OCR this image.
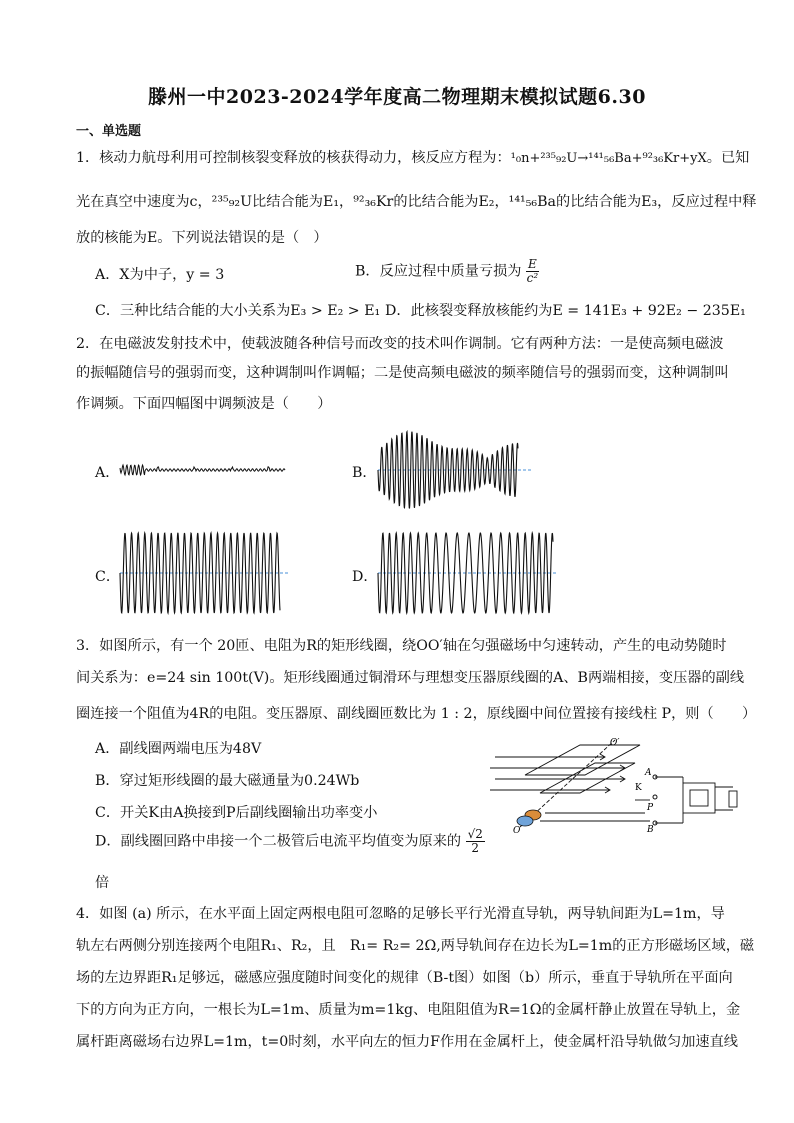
滕州一中2023-2024学年度高二物理期末模拟试题6.30
一、单选题
1．核动力航母利用可控制核裂变释放的核获得动力，核反应方程为：¹₀n+²³⁵₉₂U→¹⁴¹₅₆Ba+⁹²₃₆Kr+yX。已知
光在真空中速度为c，²³⁵₉₂U比结合能为E₁，⁹²₃₆Kr的比结合能为E₂，¹⁴¹₅₆Ba的比结合能为E₃，反应过程中释
放的核能为E。下列说法错误的是（　）
A．X为中子，y = 3	B．反应过程中质量亏损为 $\frac{E}{\text{c²}}$
C．三种比结合能的大小关系为E₃ > E₂ > E₁ D．此核裂变释放核能约为E = 141E₃ + 92E₂ − 235E₁
2．在电磁波发射技术中，使载波随各种信号而改变的技术叫作调制。它有两种方法：一是使高频电磁波
的振幅随信号的强弱而变，这种调制叫作调幅；二是使高频电磁波的频率随信号的强弱而变，这种调制叫
作调频。下面四幅图中调频波是（　　）
A．	B．
C．	D．
3．如图所示，有一个 20匝、电阻为R的矩形线圈，绕OO′轴在匀强磁场中匀速转动，产生的电动势随时
间关系为：e=24 sin 100t(V)。矩形线圈通过铜滑环与理想变压器原线圈的A、B两端相接，变压器的副线
圈连接一个阻值为4R的电阻。变压器原、副线圈匝数比为 1 : 2，原线圈中间位置接有接线柱 P，则（　　）
A．副线圈两端电压为48V
B．穿过矩形线圈的最大磁通量为0.24Wb
C．开关K由A换接到P后副线圈输出功率变小
D．副线圈回路中串接一个二极管后电流平均值变为原来的 $\frac{√2}{2}$
倍
O′
A
K
P
B
O
4．如图 (a) 所示，在水平面上固定两根电阻可忽略的足够长平行光滑直导轨，两导轨间距为L=1m，导
轨左右两侧分别连接两个电阻R₁、R₂，且　R₁= R₂= 2Ω,两导轨间存在边长为L=1m的正方形磁场区域，磁
场的左边界距R₁足够远，磁感应强度随时间变化的规律（B-t图）如图（b）所示，垂直于导轨所在平面向
下的方向为正方向，一根长为L=1m、质量为m=1kg、电阻阻值为R=1Ω的金属杆静止放置在导轨上，金
属杆距离磁场右边界L=1m，t=0时刻，水平向左的恒力F作用在金属杆上，使金属杆沿导轨做匀加速直线
